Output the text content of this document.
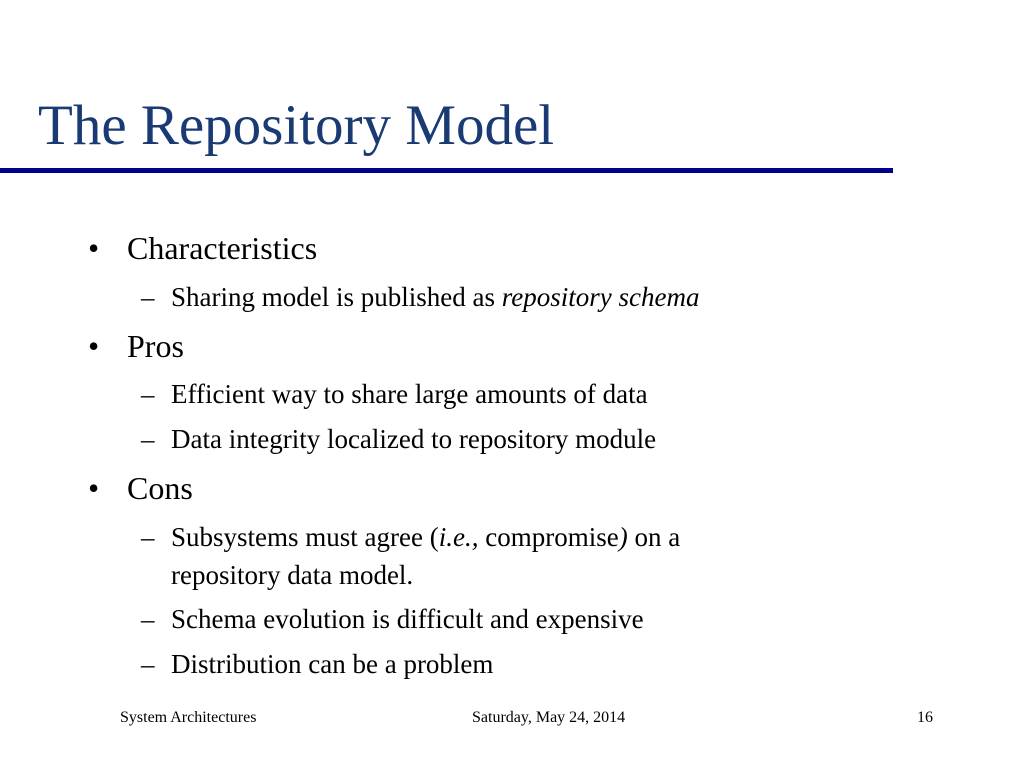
The Repository Model
• Characteristics
– Sharing model is published as repository schema
• Pros
– Efficient way to share large amounts of data
– Data integrity localized to repository module
• Cons
– Subsystems must agree (i.e., compromise) on a
repository data model.
– Schema evolution is difficult and expensive
– Distribution can be a problem
System Architectures	Saturday, May 24, 2014	16
